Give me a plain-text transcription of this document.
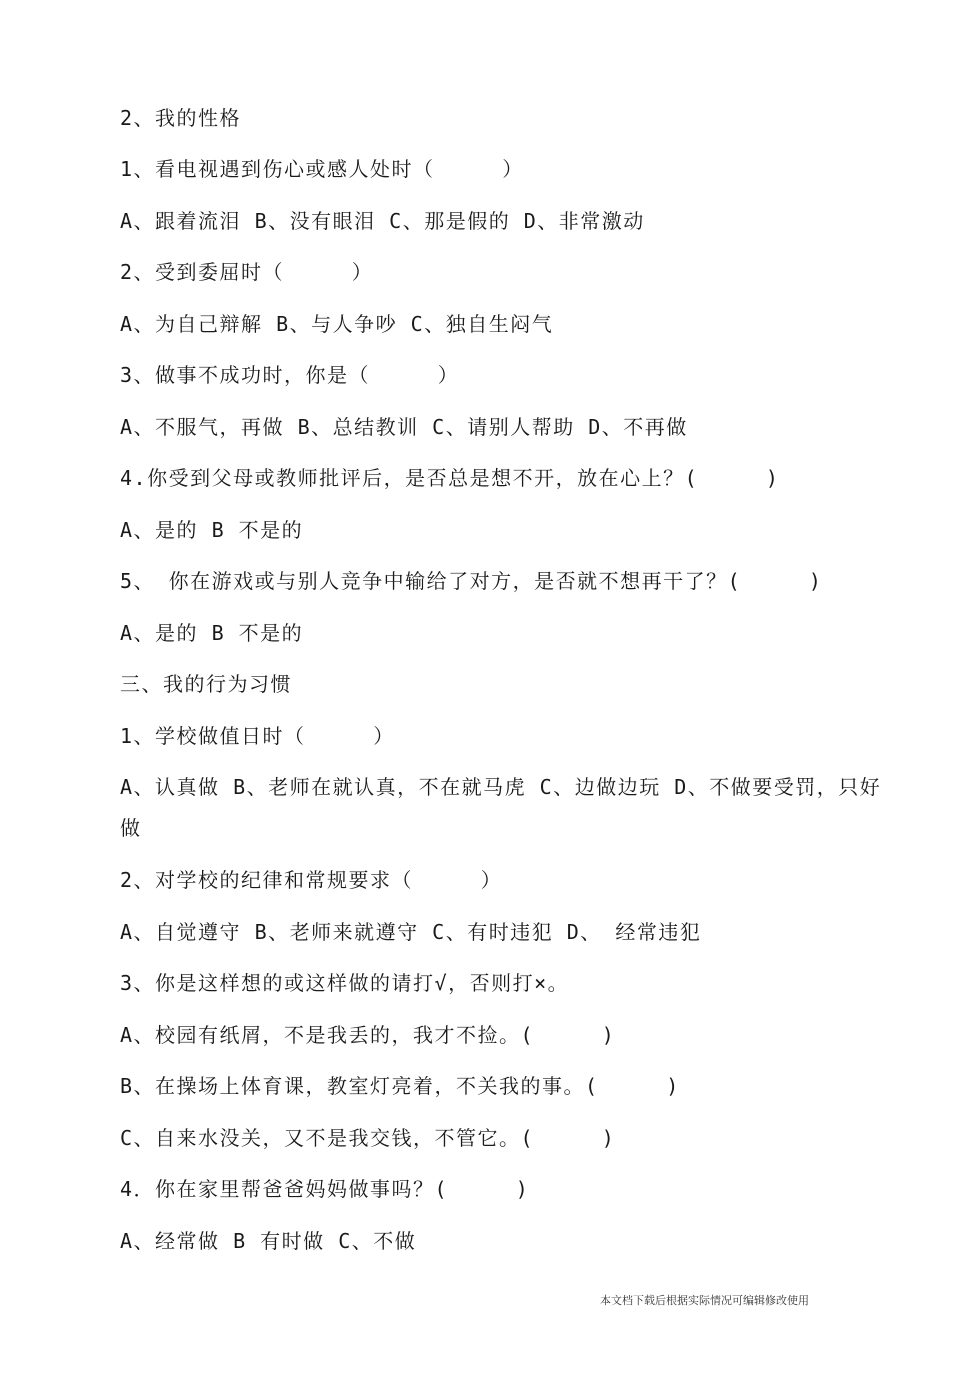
2、我的性格
1、看电视遇到伤心或感人处时（     ）
A、跟着流泪 B、没有眼泪 C、那是假的 D、非常激动
2、受到委屈时（     ）
A、为自己辩解 B、与人争吵 C、独自生闷气
3、做事不成功时，你是（     ）
A、不服气，再做 B、总结教训 C、请别人帮助 D、不再做
4.你受到父母或教师批评后，是否总是想不开，放在心上？(     )
A、是的 B 不是的
5、 你在游戏或与别人竞争中输给了对方，是否就不想再干了？(     )
A、是的 B 不是的
三、我的行为习惯
1、学校做值日时（     ）
A、认真做 B、老师在就认真，不在就马虎 C、边做边玩 D、不做要受罚，只好
做
2、对学校的纪律和常规要求（     ）
A、自觉遵守 B、老师来就遵守 C、有时违犯 D、 经常违犯
3、你是这样想的或这样做的请打√，否则打×。
A、校园有纸屑，不是我丢的，我才不捡。(     )
B、在操场上体育课，教室灯亮着，不关我的事。(     )
C、自来水没关，又不是我交钱，不管它。(     )
4．你在家里帮爸爸妈妈做事吗？(     )
A、经常做 B 有时做 C、不做
本文档下载后根据实际情况可编辑修改使用
